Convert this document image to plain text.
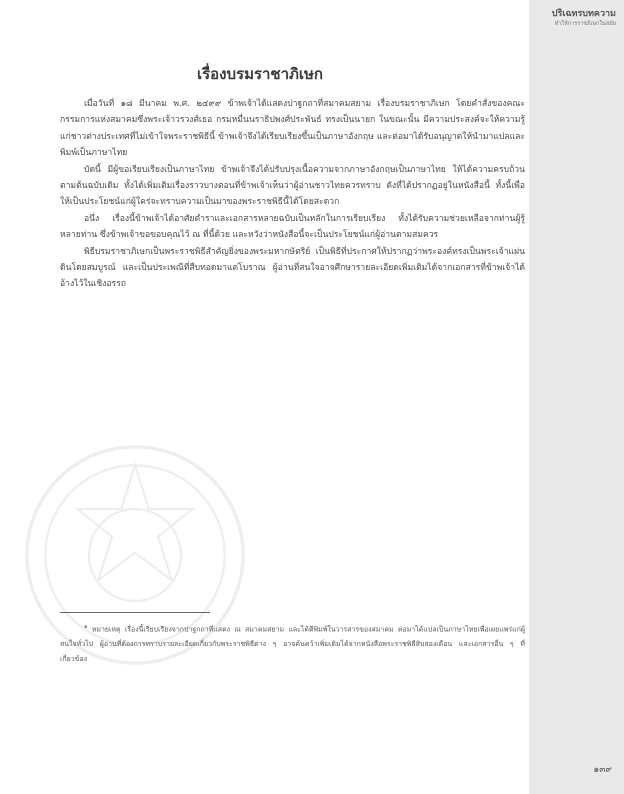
ปริเฉทรบทความ
ทำให้การราชภิเษกในสมัย
เรื่องบรมราชาภิเษก

เมื่อวันที่ ๑๘ มีนาคม พ.ศ. ๒๔๙๙ ข้าพเจ้าได้แสดงปาฐกถาที่สมาคมสยาม เรื่องบรมราชาภิเษก โดยคำสั่งของคณะกรรมการแห่งสมาคมซึ่งพระเจ้าวรวงศ์เธอ กรมหมื่นนราธิปพงศ์ประพันธ์ ทรงเป็นนายก ในขณะนั้น มีความประสงค์จะให้ความรู้แก่ชาวต่างประเทศที่ไม่เข้าใจพระราชพิธีนี้ ข้าพเจ้าจึงได้เรียบเรียงขึ้นเป็นภาษาอังกฤษ และต่อมาได้รับอนุญาตให้นำมาแปลและพิมพ์เป็นภาษาไทย

บัดนี้ มีผู้ขอเรียบเรียงเป็นภาษาไทย ข้าพเจ้าจึงได้ปรับปรุงเนื้อความจากภาษาอังกฤษเป็นภาษาไทย ให้ได้ความครบถ้วนตามต้นฉบับเดิม ทั้งได้เพิ่มเติมเรื่องราวบางตอนที่ข้าพเจ้าเห็นว่าผู้อ่านชาวไทยควรทราบ ดังที่ได้ปรากฏอยู่ในหนังสือนี้ ทั้งนี้เพื่อให้เป็นประโยชน์แก่ผู้ใคร่จะทราบความเป็นมาของพระราชพิธีนี้ได้โดยสะดวก

อนึ่ง เรื่องนี้ข้าพเจ้าได้อาศัยตำราและเอกสารหลายฉบับเป็นหลักในการเรียบเรียง ทั้งได้รับความช่วยเหลือจากท่านผู้รู้หลายท่าน ซึ่งข้าพเจ้าขอขอบคุณไว้ ณ ที่นี้ด้วย และหวังว่าหนังสือนี้จะเป็นประโยชน์แก่ผู้อ่านตามสมควร

พิธีบรมราชาภิเษกเป็นพระราชพิธีสำคัญยิ่งของพระมหากษัตริย์ เป็นพิธีที่ประกาศให้ปรากฏว่าพระองค์ทรงเป็นพระเจ้าแผ่นดินโดยสมบูรณ์ และเป็นประเพณีที่สืบทอดมาแต่โบราณ ผู้อ่านที่สนใจอาจศึกษารายละเอียดเพิ่มเติมได้จากเอกสารที่ข้าพเจ้าได้อ้างไว้ในเชิงอรรถ

$^๑$ หมายเหตุ เรื่องนี้เรียบเรียงจากปาฐกถาที่แสดง ณ สมาคมสยาม และได้ตีพิมพ์ในวารสารของสมาคม ต่อมาได้แปลเป็นภาษาไทยเพื่อเผยแพร่แก่ผู้สนใจทั่วไป ผู้อ่านที่ต้องการทราบรายละเอียดเกี่ยวกับพระราชพิธีต่าง ๆ อาจค้นคว้าเพิ่มเติมได้จากหนังสือพระราชพิธีสิบสองเดือน และเอกสารอื่น ๆ ที่เกี่ยวข้อง

๑๓๙
